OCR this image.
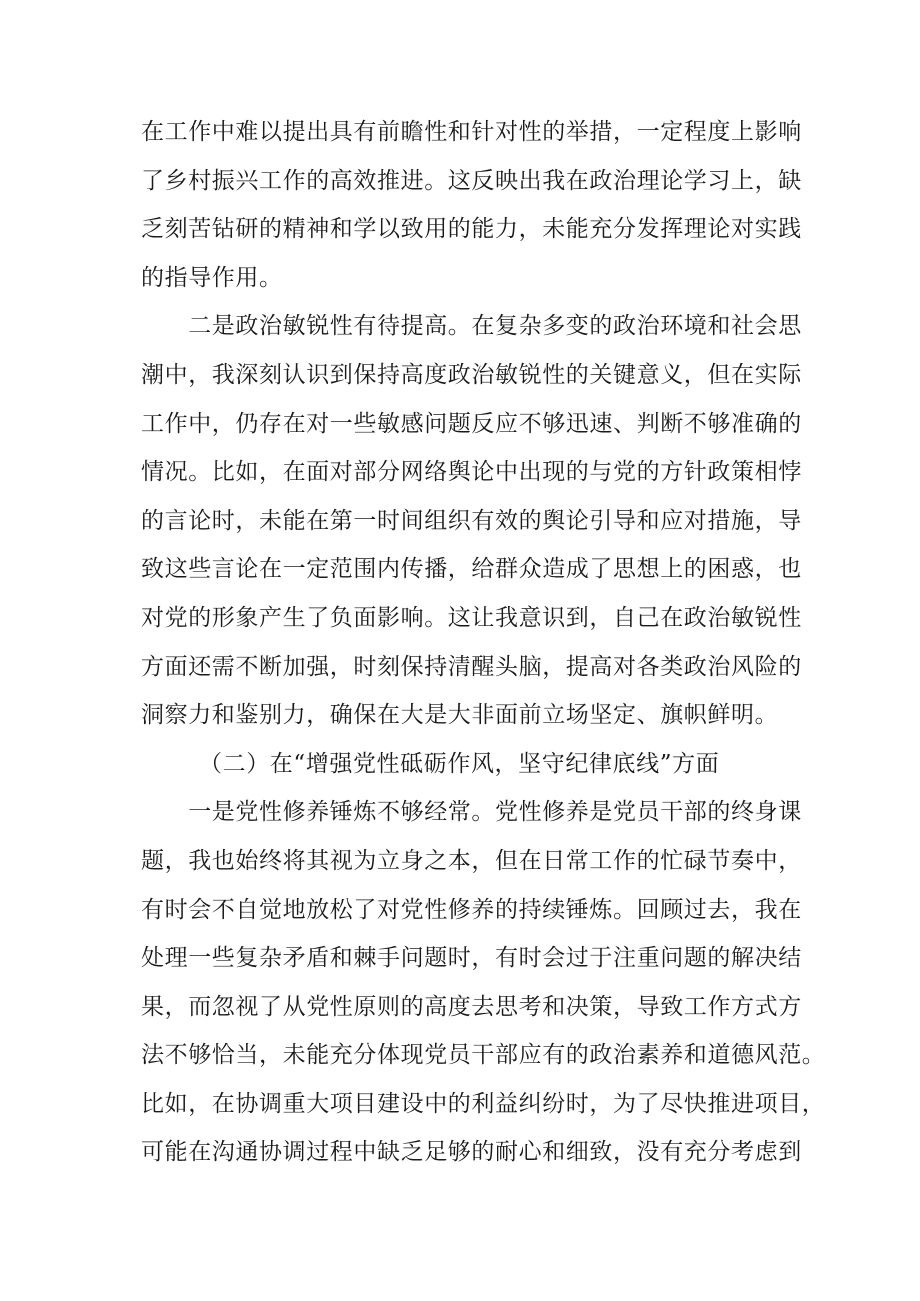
在工作中难以提出具有前瞻性和针对性的举措，一定程度上影响
了乡村振兴工作的高效推进。这反映出我在政治理论学习上，缺
乏刻苦钻研的精神和学以致用的能力，未能充分发挥理论对实践
的指导作用。
　　二是政治敏锐性有待提高。在复杂多变的政治环境和社会思
潮中，我深刻认识到保持高度政治敏锐性的关键意义，但在实际
工作中，仍存在对一些敏感问题反应不够迅速、判断不够准确的
情况。比如，在面对部分网络舆论中出现的与党的方针政策相悖
的言论时，未能在第一时间组织有效的舆论引导和应对措施，导
致这些言论在一定范围内传播，给群众造成了思想上的困惑，也
对党的形象产生了负面影响。这让我意识到，自己在政治敏锐性
方面还需不断加强，时刻保持清醒头脑，提高对各类政治风险的
洞察力和鉴别力，确保在大是大非面前立场坚定、旗帜鲜明。
（二）在“增强党性砥砺作风，坚守纪律底线”方面
　　一是党性修养锤炼不够经常。党性修养是党员干部的终身课
题，我也始终将其视为立身之本，但在日常工作的忙碌节奏中，
有时会不自觉地放松了对党性修养的持续锤炼。回顾过去，我在
处理一些复杂矛盾和棘手问题时，有时会过于注重问题的解决结
果，而忽视了从党性原则的高度去思考和决策，导致工作方式方
法不够恰当，未能充分体现党员干部应有的政治素养和道德风范。
比如，在协调重大项目建设中的利益纠纷时，为了尽快推进项目，
可能在沟通协调过程中缺乏足够的耐心和细致，没有充分考虑到
